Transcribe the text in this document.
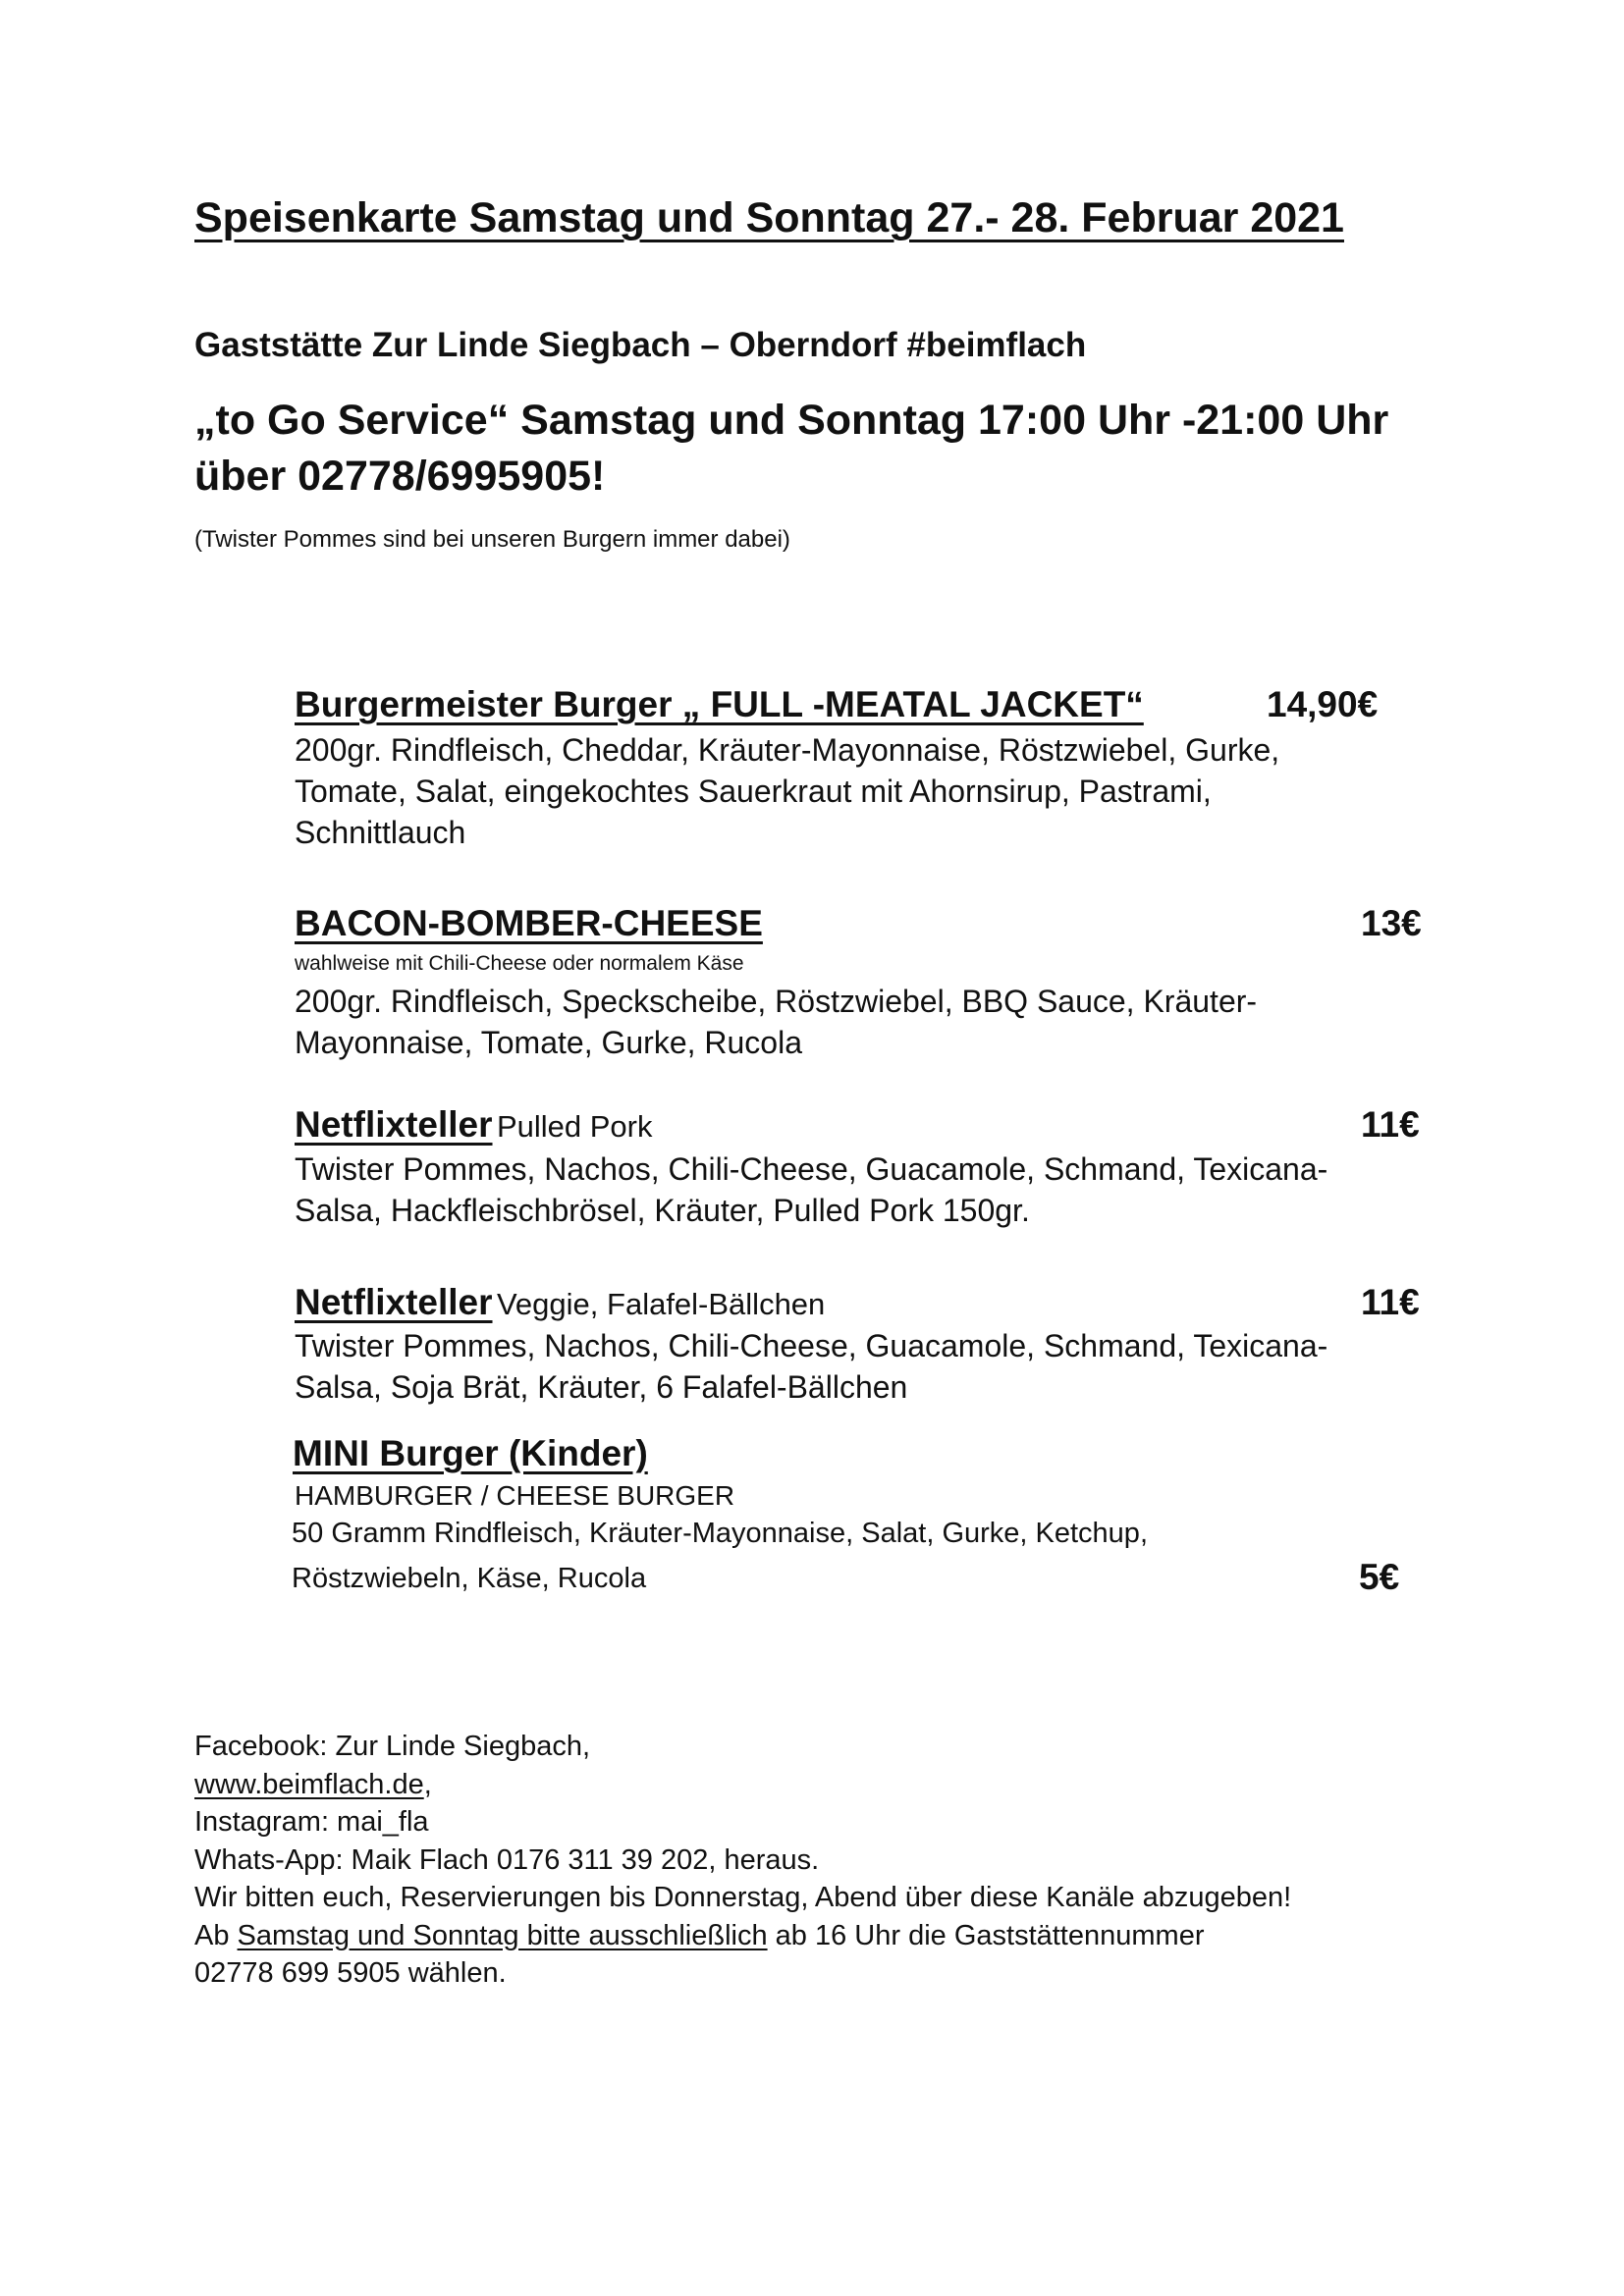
Speisenkarte Samstag und Sonntag 27.- 28. Februar 2021
Gaststätte Zur Linde Siegbach – Oberndorf #beimflach
„to Go Service“ Samstag und Sonntag 17:00 Uhr -21:00 Uhr
über 02778/6995905!
(Twister Pommes sind bei unseren Burgern immer dabei)
Burgermeister Burger „ FULL -MEATAL JACKET“	14,90€
200gr. Rindfleisch, Cheddar, Kräuter-Mayonnaise, Röstzwiebel, Gurke, Tomate, Salat, eingekochtes Sauerkraut mit Ahornsirup, Pastrami, Schnittlauch
BACON-BOMBER-CHEESE	13€
wahlweise mit Chili-Cheese oder normalem Käse
200gr. Rindfleisch, Speckscheibe, Röstzwiebel, BBQ Sauce, Kräuter-Mayonnaise, Tomate, Gurke, Rucola
Netflixteller Pulled Pork	11€
Twister Pommes, Nachos, Chili-Cheese, Guacamole, Schmand, Texicana-Salsa, Hackfleischbrösel, Kräuter, Pulled Pork 150gr.
Netflixteller Veggie, Falafel-Bällchen	11€
Twister Pommes, Nachos, Chili-Cheese, Guacamole, Schmand, Texicana-Salsa, Soja Brät, Kräuter, 6 Falafel-Bällchen
MINI Burger (Kinder)
HAMBURGER / CHEESE BURGER
50 Gramm Rindfleisch, Kräuter-Mayonnaise, Salat, Gurke, Ketchup,
Röstzwiebeln, Käse, Rucola	5€
Facebook: Zur Linde Siegbach,
www.beimflach.de,
Instagram: mai_fla
Whats-App: Maik Flach 0176 311 39 202, heraus.
Wir bitten euch, Reservierungen bis Donnerstag, Abend über diese Kanäle abzugeben!
Ab Samstag und Sonntag bitte ausschließlich ab 16 Uhr die Gaststättennummer
02778 699 5905 wählen.
